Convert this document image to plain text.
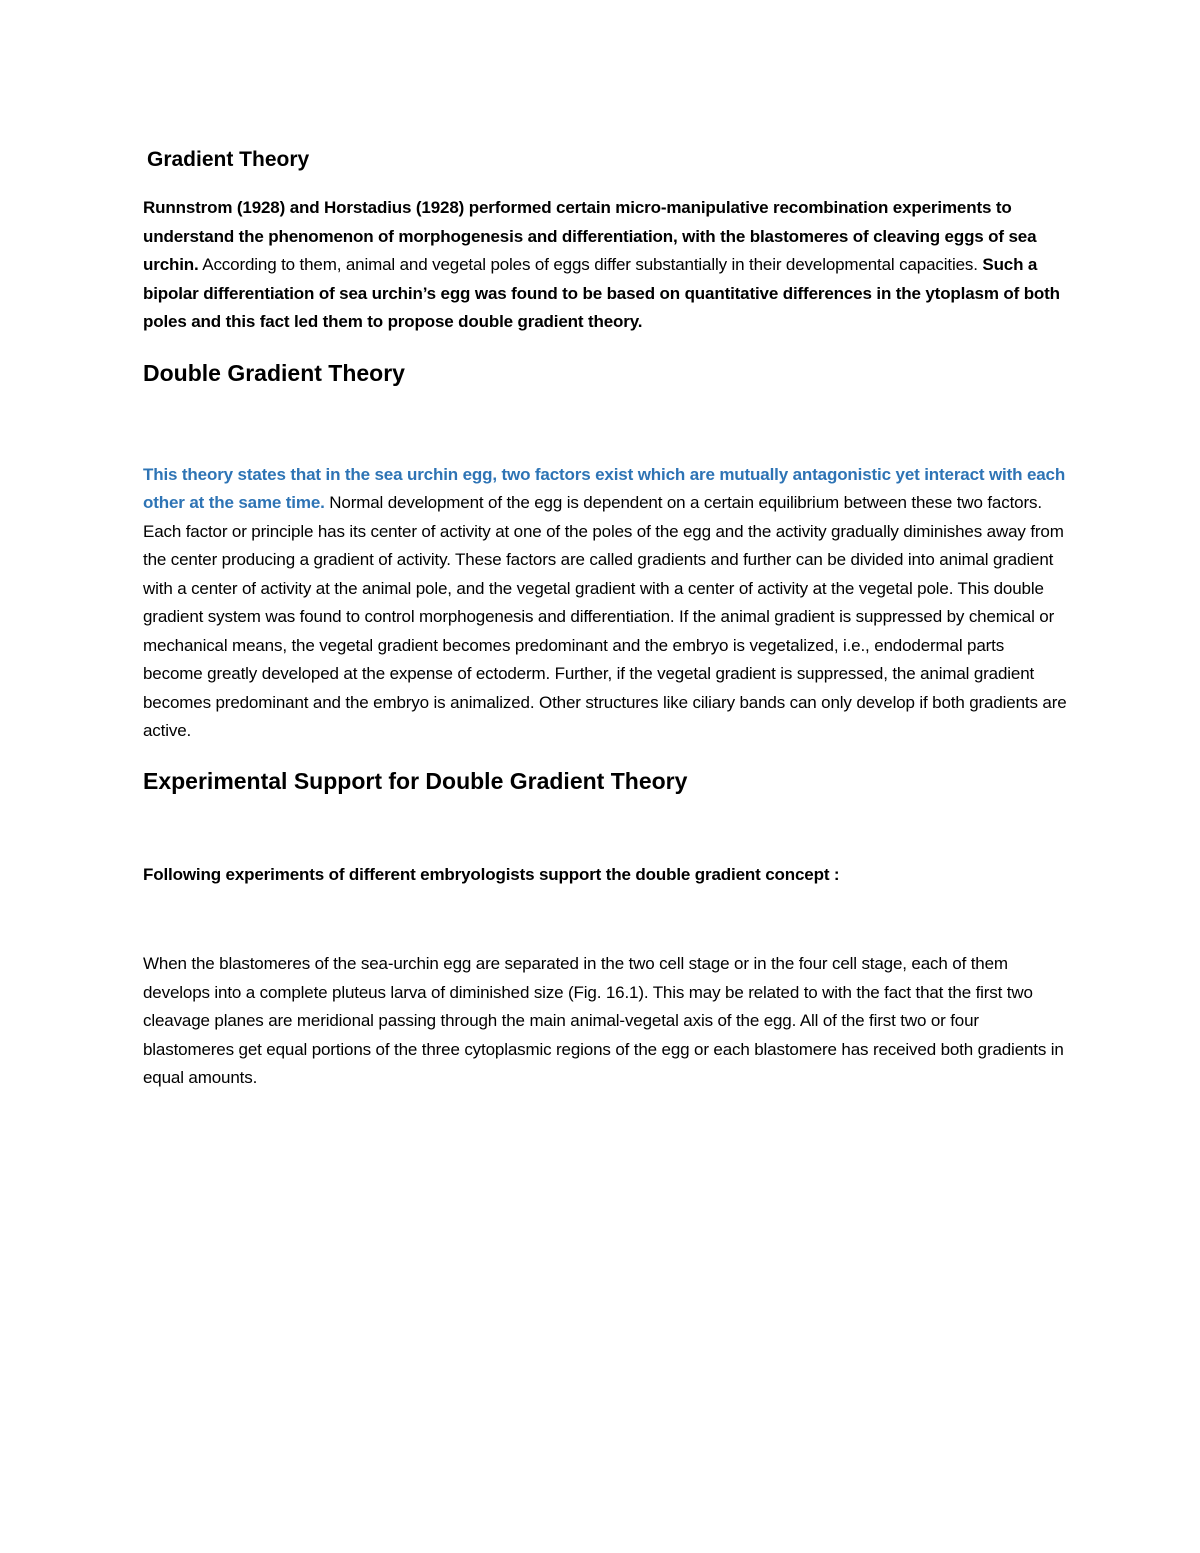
Gradient Theory

Runnstrom (1928) and Horstadius (1928) performed certain micro-manipulative recombination experiments to understand the phenomenon of morphogenesis and differentiation, with the blastomeres of cleaving eggs of sea urchin. According to them, animal and vegetal poles of eggs differ substantially in their developmental capacities. Such a bipolar differentiation of sea urchin’s egg was found to be based on quantitative differences in the ytoplasm of both poles and this fact led them to propose double gradient theory.

Double Gradient Theory

This theory states that in the sea urchin egg, two factors exist which are mutually antagonistic yet interact with each other at the same time. Normal development of the egg is dependent on a certain equilibrium between these two factors. Each factor or principle has its center of activity at one of the poles of the egg and the activity gradually diminishes away from the center producing a gradient of activity. These factors are called gradients and further can be divided into animal gradient with a center of activity at the animal pole, and the vegetal gradient with a center of activity at the vegetal pole. This double gradient system was found to control morphogenesis and differentiation. If the animal gradient is suppressed by chemical or mechanical means, the vegetal gradient becomes predominant and the embryo is vegetalized, i.e., endodermal parts become greatly developed at the expense of ectoderm. Further, if the vegetal gradient is suppressed, the animal gradient becomes predominant and the embryo is animalized. Other structures like ciliary bands can only develop if both gradients are active.

Experimental Support for Double Gradient Theory

Following experiments of different embryologists support the double gradient concept :

When the blastomeres of the sea-urchin egg are separated in the two cell stage or in the four cell stage, each of them develops into a complete pluteus larva of diminished size (Fig. 16.1). This may be related to with the fact that the first two cleavage planes are meridional passing through the main animal-vegetal axis of the egg. All of the first two or four blastomeres get equal portions of the three cytoplasmic regions of the egg or each blastomere has received both gradients in equal amounts.
